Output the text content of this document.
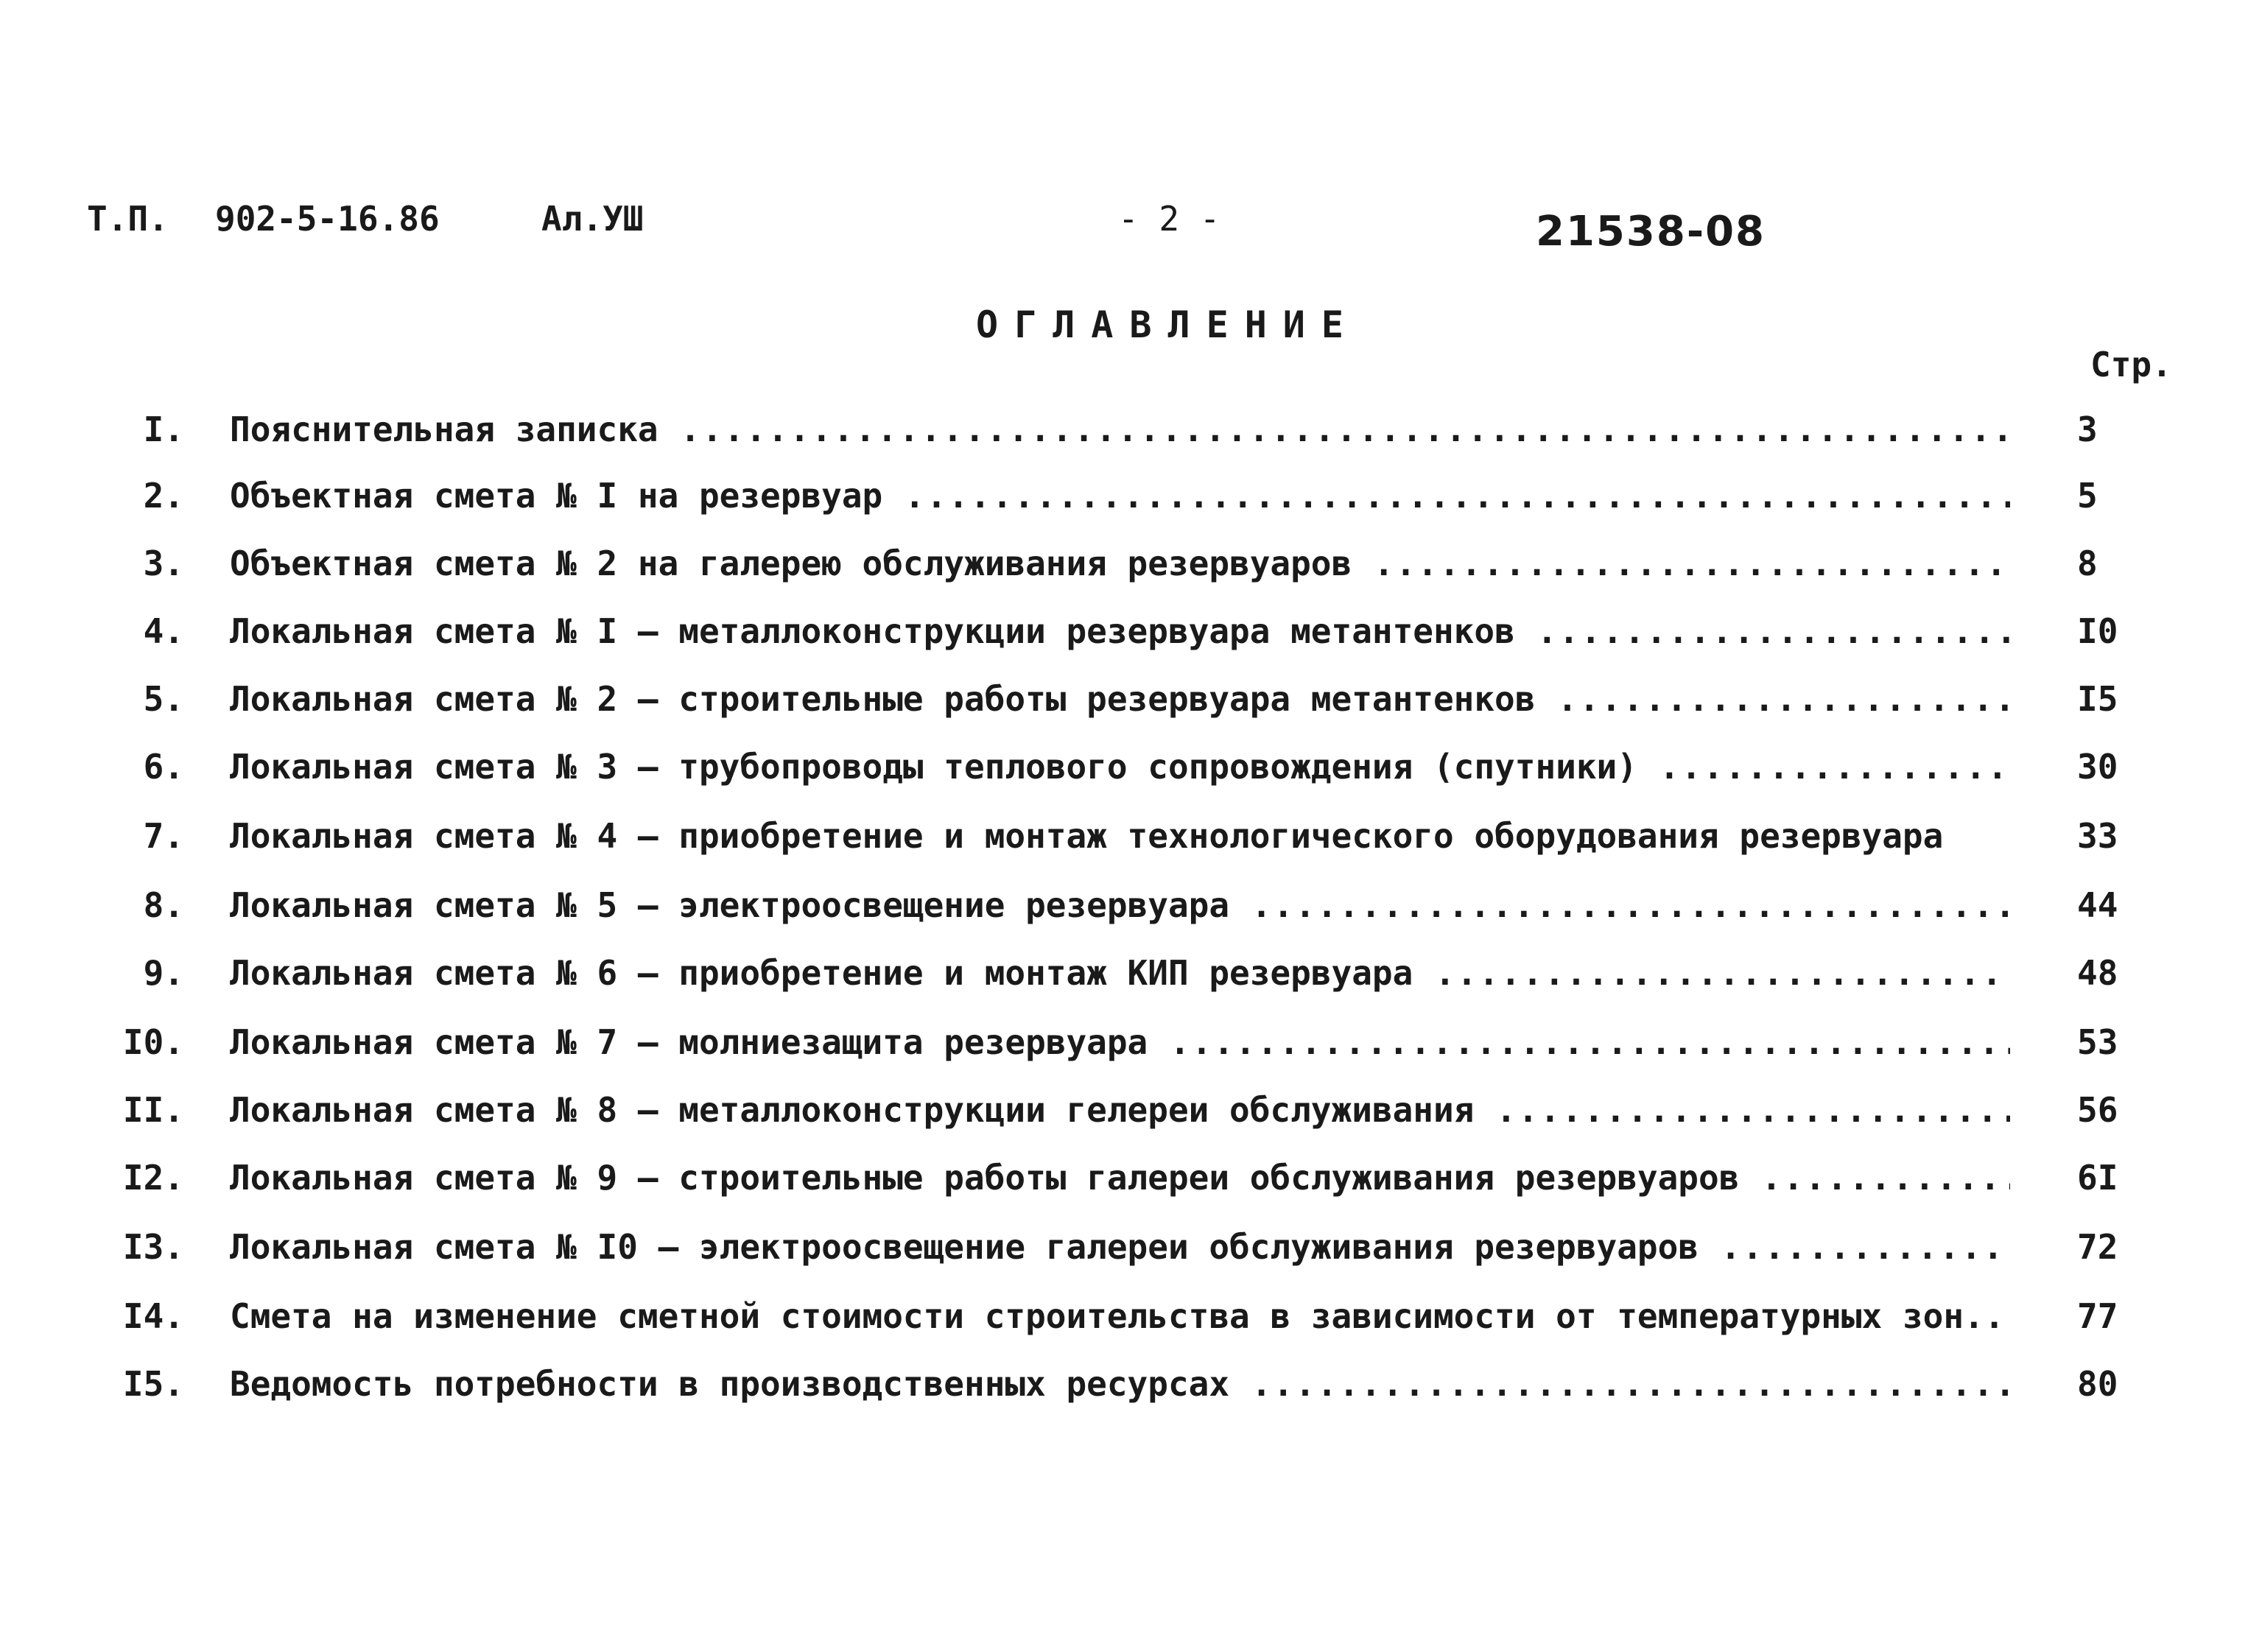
Т.П. 902-5-16.86	Ал.УШ	- 2 -	21538-08
ОГЛАВЛЕНИЕ
Стр.
I. Пояснительная записка .....	3
2. Объектная смета № I на резервуар .....	5
3. Объектная смета № 2 на галерею обслуживания резервуаров .....	8
4. Локальная смета № I – металлоконструкции резервуара метантенков .....	I0
5. Локальная смета № 2 – строительные работы резервуара метантенков .....	I5
6. Локальная смета № 3 – трубопроводы теплового сопровождения (спутники) .....	30
7. Локальная смета № 4 – приобретение и монтаж технологического оборудования резервуара	33
8. Локальная смета № 5 – электроосвещение резервуара .....	44
9. Локальная смета № 6 – приобретение и монтаж КИП резервуара .....	48
I0. Локальная смета № 7 – молниезащита резервуара .....	53
II. Локальная смета № 8 – металлоконструкции гелереи обслуживания .....	56
I2. Локальная смета № 9 – строительные работы галереи обслуживания резервуаров .....	6I
I3. Локальная смета № I0 – электроосвещение галереи обслуживания резервуаров .....	72
I4. Смета на изменение сметной стоимости строительства в зависимости от температурных зон.. 77
I5. Ведомость потребности в производственных ресурсах .....	80
